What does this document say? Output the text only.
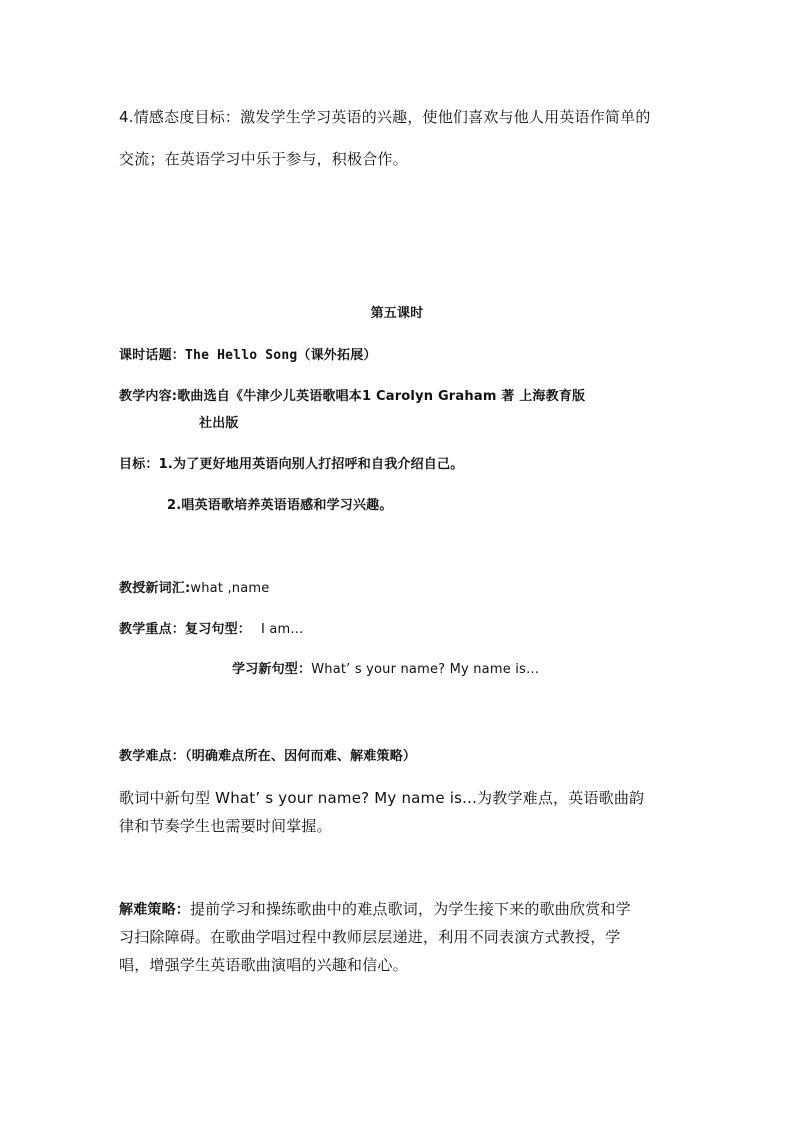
4.情感态度目标：激发学生学习英语的兴趣，使他们喜欢与他人用英语作简单的
交流；在英语学习中乐于参与，积极合作。
第五课时
课时话题：The Hello Song（课外拓展）
教学内容:歌曲选自《牛津少儿英语歌唱本1 Carolyn Graham 著 上海教育版
社出版
目标：1.为了更好地用英语向别人打招呼和自我介绍自己。
2.唱英语歌培养英语语感和学习兴趣。
教授新词汇:what ,name
教学重点：复习句型： I am...
学习新句型：What’ s your name? My name is…
教学难点：（明确难点所在、因何而难、解难策略）
歌词中新句型 What’ s your name? My name is...为教学难点，英语歌曲韵
律和节奏学生也需要时间掌握。
解难策略：提前学习和操练歌曲中的难点歌词，为学生接下来的歌曲欣赏和学
习扫除障碍。在歌曲学唱过程中教师层层递进，利用不同表演方式教授，学
唱，增强学生英语歌曲演唱的兴趣和信心。
